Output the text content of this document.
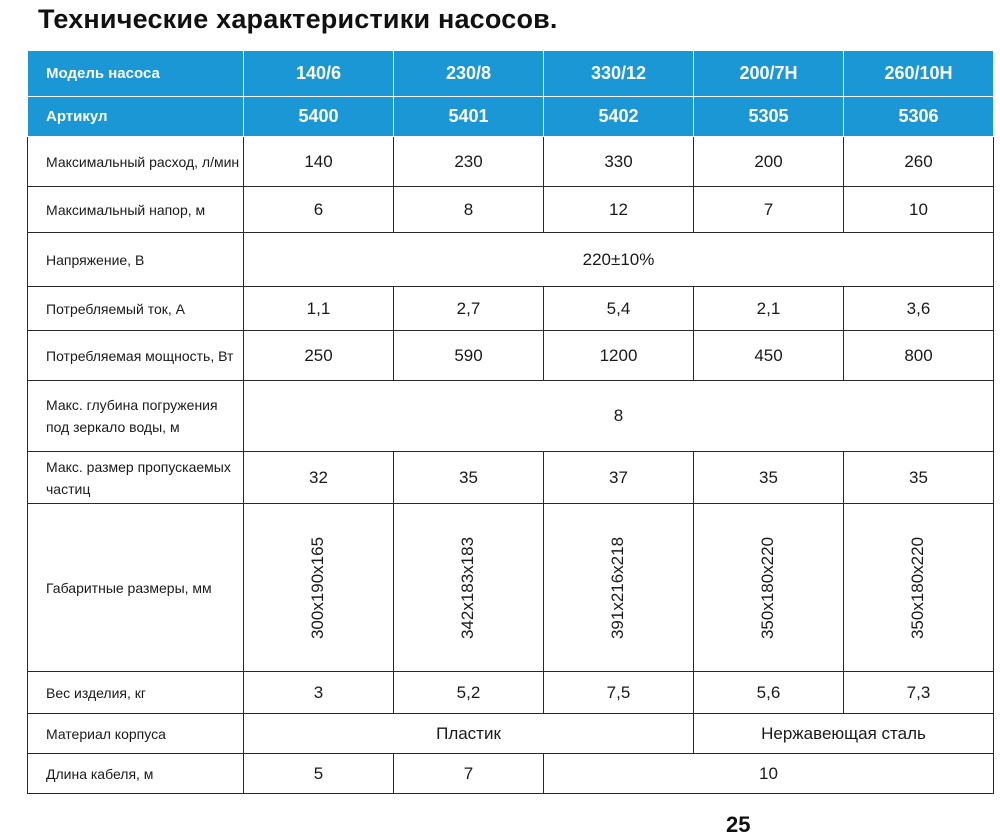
Технические характеристики насосов.
Модель насоса	140/6	230/8	330/12	200/7Н	260/10Н
Артикул	5400	5401	5402	5305	5306
Максимальный расход, л/мин	140	230	330	200	260
Максимальный напор, м	6	8	12	7	10
Напряжение, В	220±10%				
Потребляемый ток, А	1,1	2,7	5,4	2,1	3,6
Потребляемая мощность, Вт	250	590	1200	450	800
Макс. глубина погружения под зеркало воды, м	8				
Макс. размер пропускаемых частиц	32	35	37	35	35
Габаритные размеры, мм	300x190x165	342x183x183	391x216x218	350x180x220	350x180x220
Вес изделия, кг	3	5,2	7,5	5,6	7,3
Материал корпуса	Пластик			Нержавеющая сталь	
Длина кабеля, м	5	7	10		
25
